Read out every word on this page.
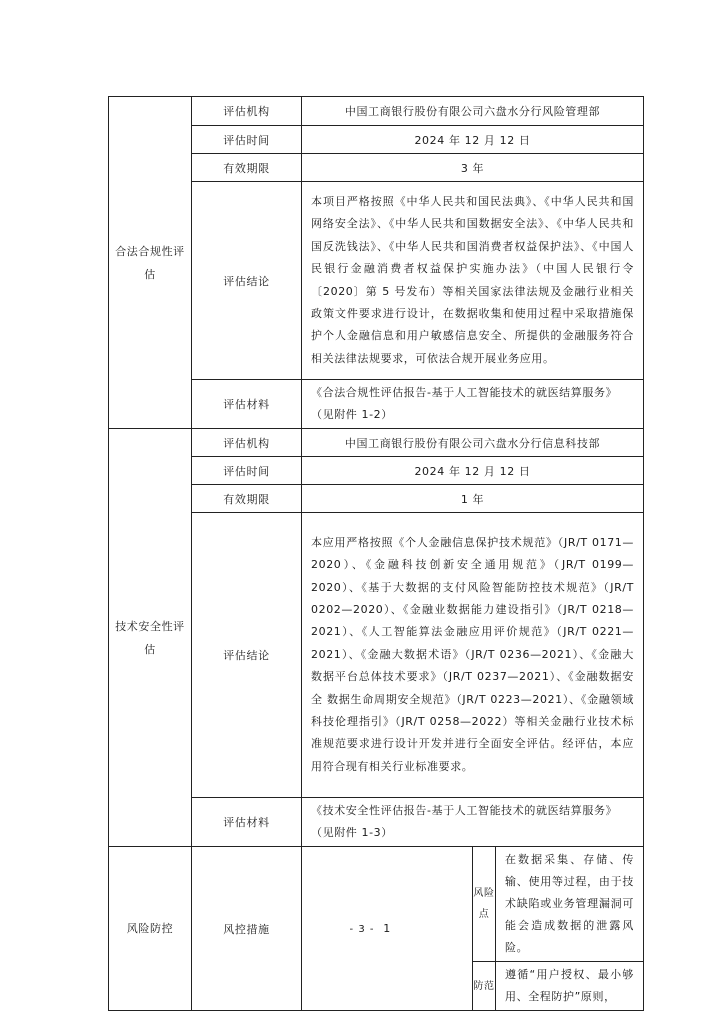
合法合规性评估	评估机构	中国工商银行股份有限公司六盘水分行风险管理部
评估时间	2024 年 12 月 12 日
有效期限	3 年
评估结论	本项目严格按照《中华人民共和国民法典》、《中华人民共和国网络安全法》、《中华人民共和国数据安全法》、《中华人民共和国反洗钱法》、《中华人民共和国消费者权益保护法》、《中国人民银行金融消费者权益保护实施办法》（中国人民银行令〔2020〕第 5 号发布）等相关国家法律法规及金融行业相关政策文件要求进行设计，在数据收集和使用过程中采取措施保护个人金融信息和用户敏感信息安全、所提供的金融服务符合相关法律法规要求，可依法合规开展业务应用。
评估材料	《合法合规性评估报告-基于人工智能技术的就医结算服务》（见附件 1-2）
技术安全性评估	评估机构	中国工商银行股份有限公司六盘水分行信息科技部
评估时间	2024 年 12 月 12 日
有效期限	1 年
评估结论	本应用严格按照《个人金融信息保护技术规范》（JR/T 0171—2020）、《金融科技创新安全通用规范》（JR/T 0199—2020）、《基于大数据的支付风险智能防控技术规范》（JR/T 0202—2020）、《金融业数据能力建设指引》（JR/T 0218—2021）、《人工智能算法金融应用评价规范》（JR/T 0221—2021）、《金融大数据术语》（JR/T 0236—2021）、《金融大数据平台总体技术要求》（JR/T 0237—2021）、《金融数据安全 数据生命周期安全规范》（JR/T 0223—2021）、《金融领域科技伦理指引》（JR/T 0258—2022）等相关金融行业技术标准规范要求进行设计开发并进行全面安全评估。经评估，本应用符合现有相关行业标准要求。
评估材料	《技术安全性评估报告-基于人工智能技术的就医结算服务》（见附件 1-3）
风险防控	风控措施	1	
风险点	在数据采集、存储、传输、使用等过程，由于技术缺陷或业务管理漏洞可能会造成数据的泄露风险。
防范	遵循“用户授权、最小够用、全程防护”原则，
- 3 -
